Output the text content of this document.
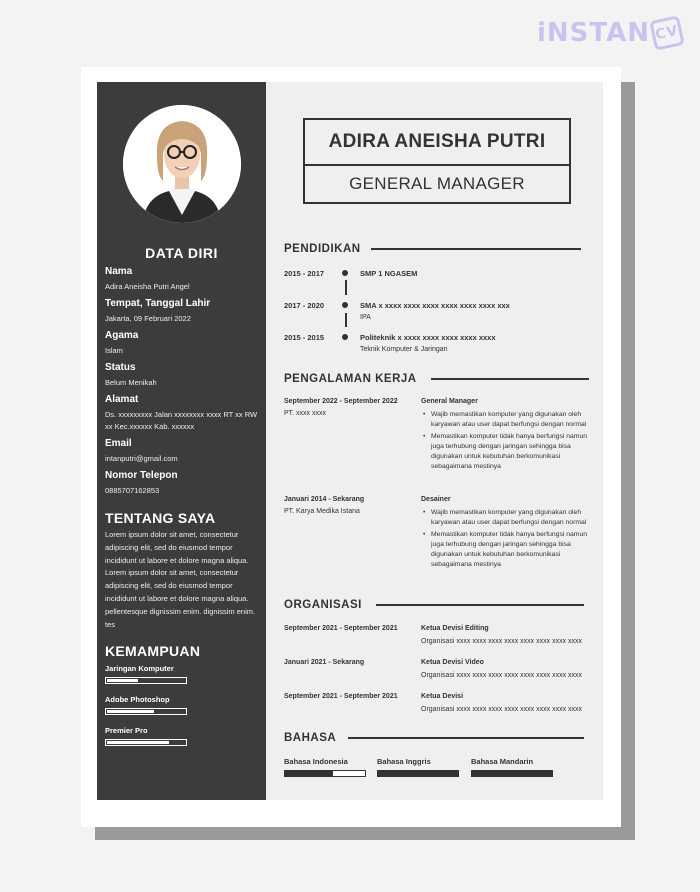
iNSTAN CV
DATA DIRI
Nama
Adira Aneisha Putri Angel
Tempat, Tanggal Lahir
Jakarta, 09 Februari 2022
Agama
Islam
Status
Belum Menikah
Alamat
Ds. xxxxxxxxx Jalan xxxxxxxx xxxx RT xx RW xx Kec.xxxxxx Kab. xxxxxx
Email
intanputri@gmail.com
Nomor Telepon
0885707162853
TENTANG SAYA
Lorem ipsum dolor sit amet, consectetur adipiscing elit, sed do eiusmod tempor incididunt ut labore et dolore magna aliqua. Lorem ipsum dolor sit amet, consectetur adipiscing elit, sed do eiusmod tempor incididunt ut labore et dolore magna aliqua. pellentesque dignissim enim. dignissim enim. tes
KEMAMPUAN
Jaringan Komputer
Adobe Photoshop
Premier Pro
ADIRA ANEISHA PUTRI
GENERAL MANAGER
PENDIDIKAN
2015 - 2017	SMP 1 NGASEM
2017 - 2020	SMA x xxxx xxxx xxxx xxxx xxxx xxxx xxx
IPA
2015 - 2015	Politeknik x xxxx xxxx xxxx xxxx xxxx
Teknik Komputer & Jaringan
PENGALAMAN KERJA
September 2022 - September 2022
PT. xxxx xxxx
General Manager
• Wajib memastikan komputer yang digunakan oleh karyawan atau user dapat berfungsi dengan normal
• Memastikan komputer tidak hanya berfungsi namun juga terhubung dengan jaringan sehingga bisa digunakan untuk kebutuhan berkomunikasi sebagaimana mestinya
Januari 2014 - Sekarang
PT. Karya Medika Istana
Desainer
• Wajib memastikan komputer yang digunakan oleh karyawan atau user dapat berfungsi dengan normal
• Memastikan komputer tidak hanya berfungsi namun juga terhubung dengan jaringan sehingga bisa digunakan untuk kebutuhan berkomunikasi sebagaimana mestinya
ORGANISASI
September 2021 - September 2021	Ketua Devisi Editing
Organisasi xxxx xxxx xxxx xxxx xxxx xxxx xxxx xxxx
Januari 2021 - Sekarang	Ketua Devisi Video
Organisasi xxxx xxxx xxxx xxxx xxxx xxxx xxxx xxxx
September 2021 - September 2021	Ketua Devisi
Organisasi xxxx xxxx xxxx xxxx xxxx xxxx xxxx xxxx
BAHASA
Bahasa Indonesia	Bahasa Inggris	Bahasa Mandarin
